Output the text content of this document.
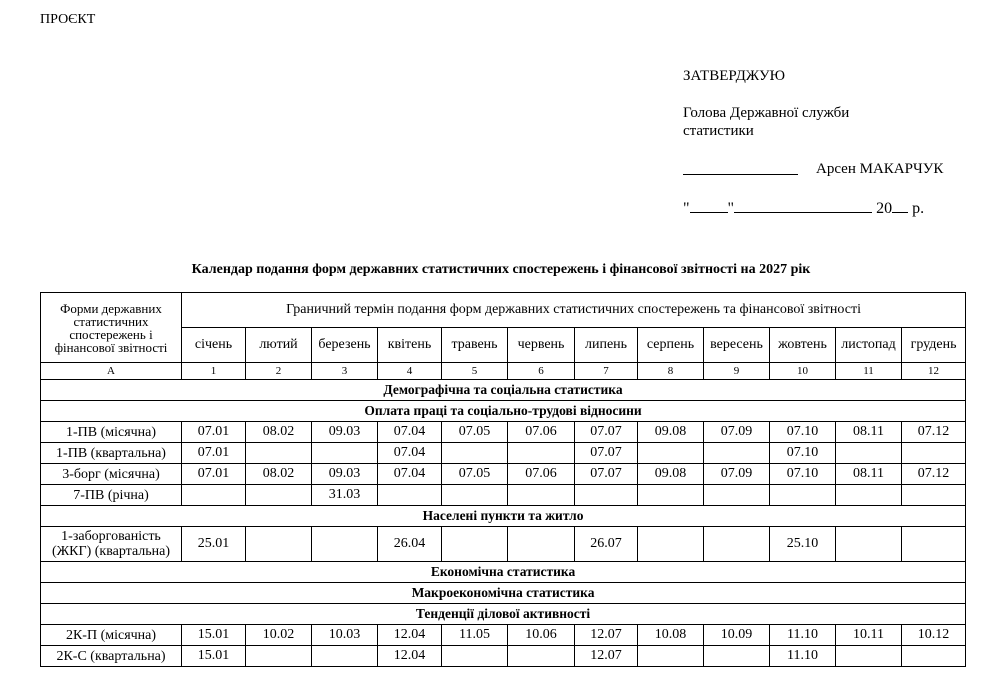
ПРОЄКТ
ЗАТВЕРДЖУЮ
Голова Державної служби
статистики
Арсен МАКАРЧУК
" "	20 р.
Календар подання форм державних статистичних спостережень і фінансової звітності на 2027 рік
Форми державних статистичних спостережень і фінансової звітності	Граничний термін подання форм державних статистичних спостережень та фінансової звітності											
	січень	лютий	березень	квітень	травень	червень	липень	серпень	вересень	жовтень	листопад	грудень
А	1	2	3	4	5	6	7	8	9	10	11	12
Демографічна та соціальна статистика												
Оплата праці та соціально-трудові відносини												
1-ПВ (місячна)	07.01	08.02	09.03	07.04	07.05	07.06	07.07	09.08	07.09	07.10	08.11	07.12
1-ПВ (квартальна)	07.01			07.04			07.07			07.10		
3-борг (місячна)	07.01	08.02	09.03	07.04	07.05	07.06	07.07	09.08	07.09	07.10	08.11	07.12
7-ПВ (річна)			31.03									
Населені пункти та житло												

1-заборгованість
(ЖКГ) (квартальна)	25.01			26.04			26.07			25.10		
Економічна статистика												
Макроекономічна статистика												
Тенденції ділової активності												
2К-П (місячна)	15.01	10.02	10.03	12.04	11.05	10.06	12.07	10.08	10.09	11.10	10.11	10.12
2К-С (квартальна)	15.01			12.04			12.07			11.10		
